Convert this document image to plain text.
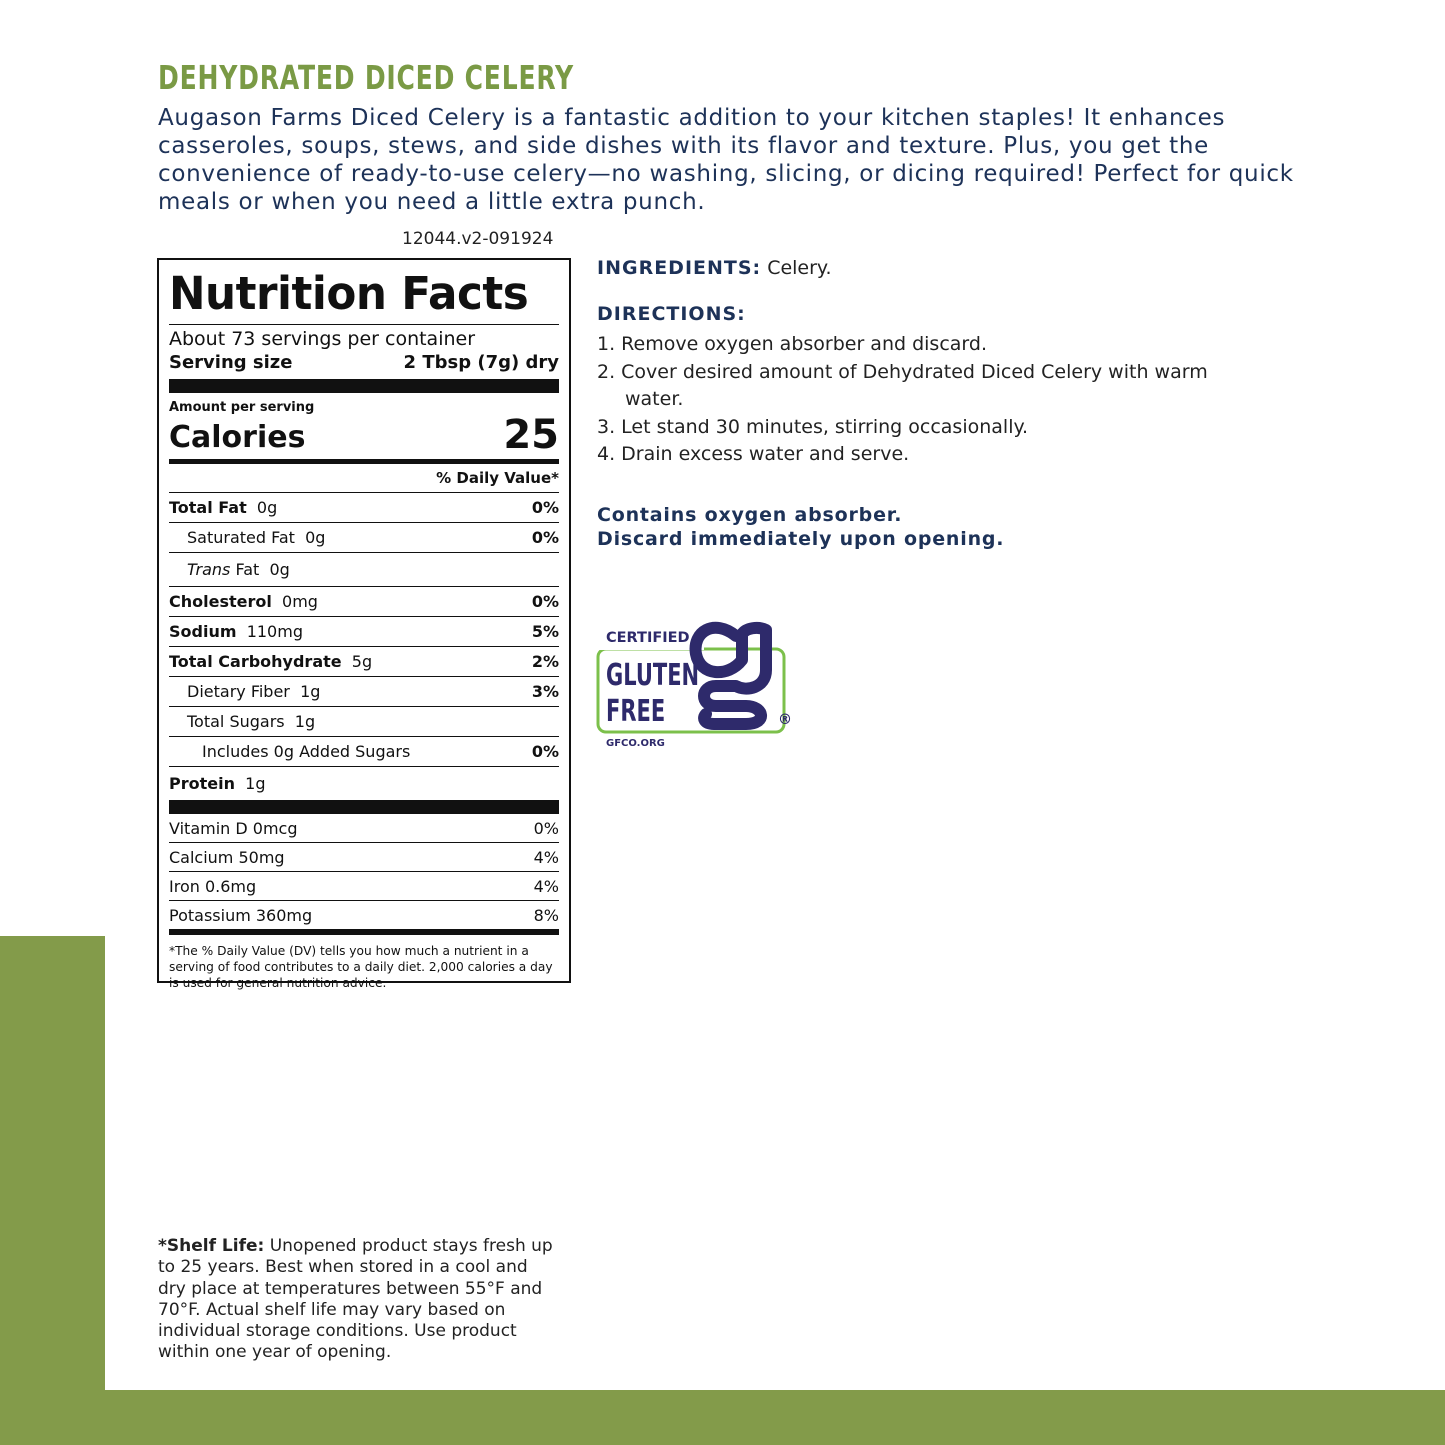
DEHYDRATED DICED CELERY

Augason Farms Diced Celery is a fantastic addition to your kitchen staples! It enhances casseroles, soups, stews, and side dishes with its flavor and texture. Plus, you get the convenience of ready-to-use celery—no washing, slicing, or dicing required! Perfect for quick meals or when you need a little extra punch.

12044.v2-091924
Nutrition Facts
About 73 servings per container
Serving size	2 Tbsp (7g) dry
Amount per serving
Calories	25
% Daily Value*
Total Fat 0g	0%
Saturated Fat 0g	0%
Trans Fat 0g
Cholesterol 0mg	0%
Sodium 110mg	5%
Total Carbohydrate 5g	2%
Dietary Fiber 1g	3%
Total Sugars 1g
Includes 0g Added Sugars	0%
Protein 1g
Vitamin D 0mcg	0%
Calcium 50mg	4%
Iron 0.6mg	4%
Potassium 360mg	8%
*The % Daily Value (DV) tells you how much a nutrient in a serving of food contributes to a daily diet. 2,000 calories a day is used for general nutrition advice.
INGREDIENTS: Celery.
DIRECTIONS:
1. Remove oxygen absorber and discard.
2. Cover desired amount of Dehydrated Diced Celery with warm water.
3. Let stand 30 minutes, stirring occasionally.
4. Drain excess water and serve.
Contains oxygen absorber.
Discard immediately upon opening.
CERTIFIED
GLUTEN
FREE	®
GFCO.ORG
*Shelf Life: Unopened product stays fresh up to 25 years. Best when stored in a cool and dry place at temperatures between 55°F and 70°F. Actual shelf life may vary based on individual storage conditions. Use product within one year of opening.
